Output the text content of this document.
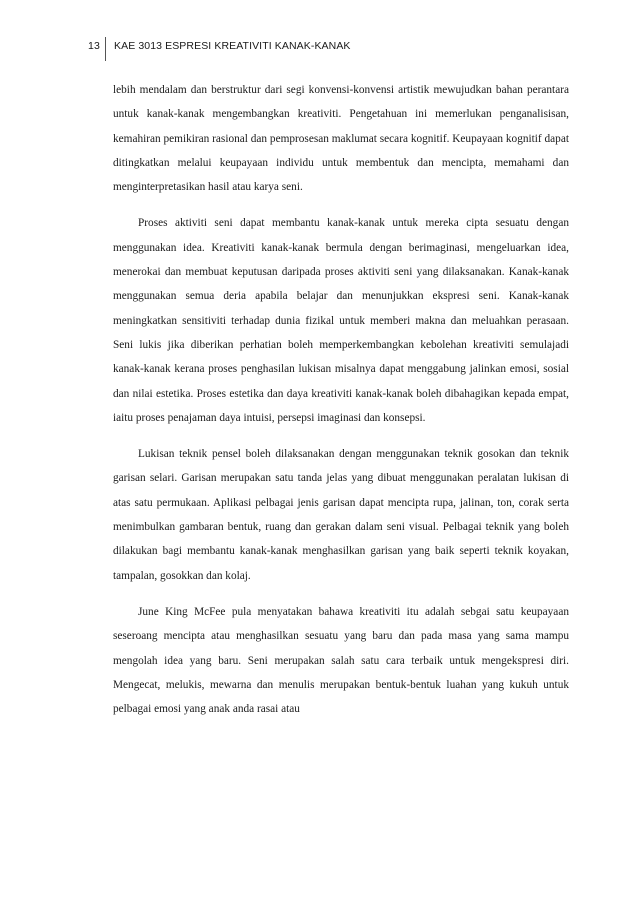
13	KAE 3013 ESPRESI KREATIVITI KANAK-KANAK

lebih mendalam dan berstruktur dari segi konvensi-konvensi artistik mewujudkan bahan perantara untuk kanak-kanak mengembangkan kreativiti. Pengetahuan ini memerlukan penganalisisan, kemahiran pemikiran rasional dan pemprosesan maklumat secara kognitif. Keupayaan kognitif dapat ditingkatkan melalui keupayaan individu untuk membentuk dan mencipta, memahami dan menginterpretasikan hasil atau karya seni.

Proses aktiviti seni dapat membantu kanak-kanak untuk mereka cipta sesuatu dengan menggunakan idea. Kreativiti kanak-kanak bermula dengan berimaginasi, mengeluarkan idea, menerokai dan membuat keputusan daripada proses aktiviti seni yang dilaksanakan. Kanak-kanak menggunakan semua deria apabila belajar dan menunjukkan ekspresi seni. Kanak-kanak meningkatkan sensitiviti terhadap dunia fizikal untuk memberi makna dan meluahkan perasaan. Seni lukis jika diberikan perhatian boleh memperkembangkan kebolehan kreativiti semulajadi kanak-kanak kerana proses penghasilan lukisan misalnya dapat menggabung jalinkan emosi, sosial dan nilai estetika. Proses estetika dan daya kreativiti kanak-kanak boleh dibahagikan kepada empat, iaitu proses penajaman daya intuisi, persepsi imaginasi dan konsepsi.

Lukisan teknik pensel boleh dilaksanakan dengan menggunakan teknik gosokan dan teknik garisan selari. Garisan merupakan satu tanda jelas yang dibuat menggunakan peralatan lukisan di atas satu permukaan. Aplikasi pelbagai jenis garisan dapat mencipta rupa, jalinan, ton, corak serta menimbulkan gambaran bentuk, ruang dan gerakan dalam seni visual. Pelbagai teknik yang boleh dilakukan bagi membantu kanak-kanak menghasilkan garisan yang baik seperti teknik koyakan, tampalan, gosokkan dan kolaj.

June King McFee pula menyatakan bahawa kreativiti itu adalah sebgai satu keupayaan seseroang mencipta atau menghasilkan sesuatu yang baru dan pada masa yang sama mampu mengolah idea yang baru. Seni merupakan salah satu cara terbaik untuk mengekspresi diri. Mengecat, melukis, mewarna dan menulis merupakan bentuk-bentuk luahan yang kukuh untuk pelbagai emosi yang anak anda rasai atau
